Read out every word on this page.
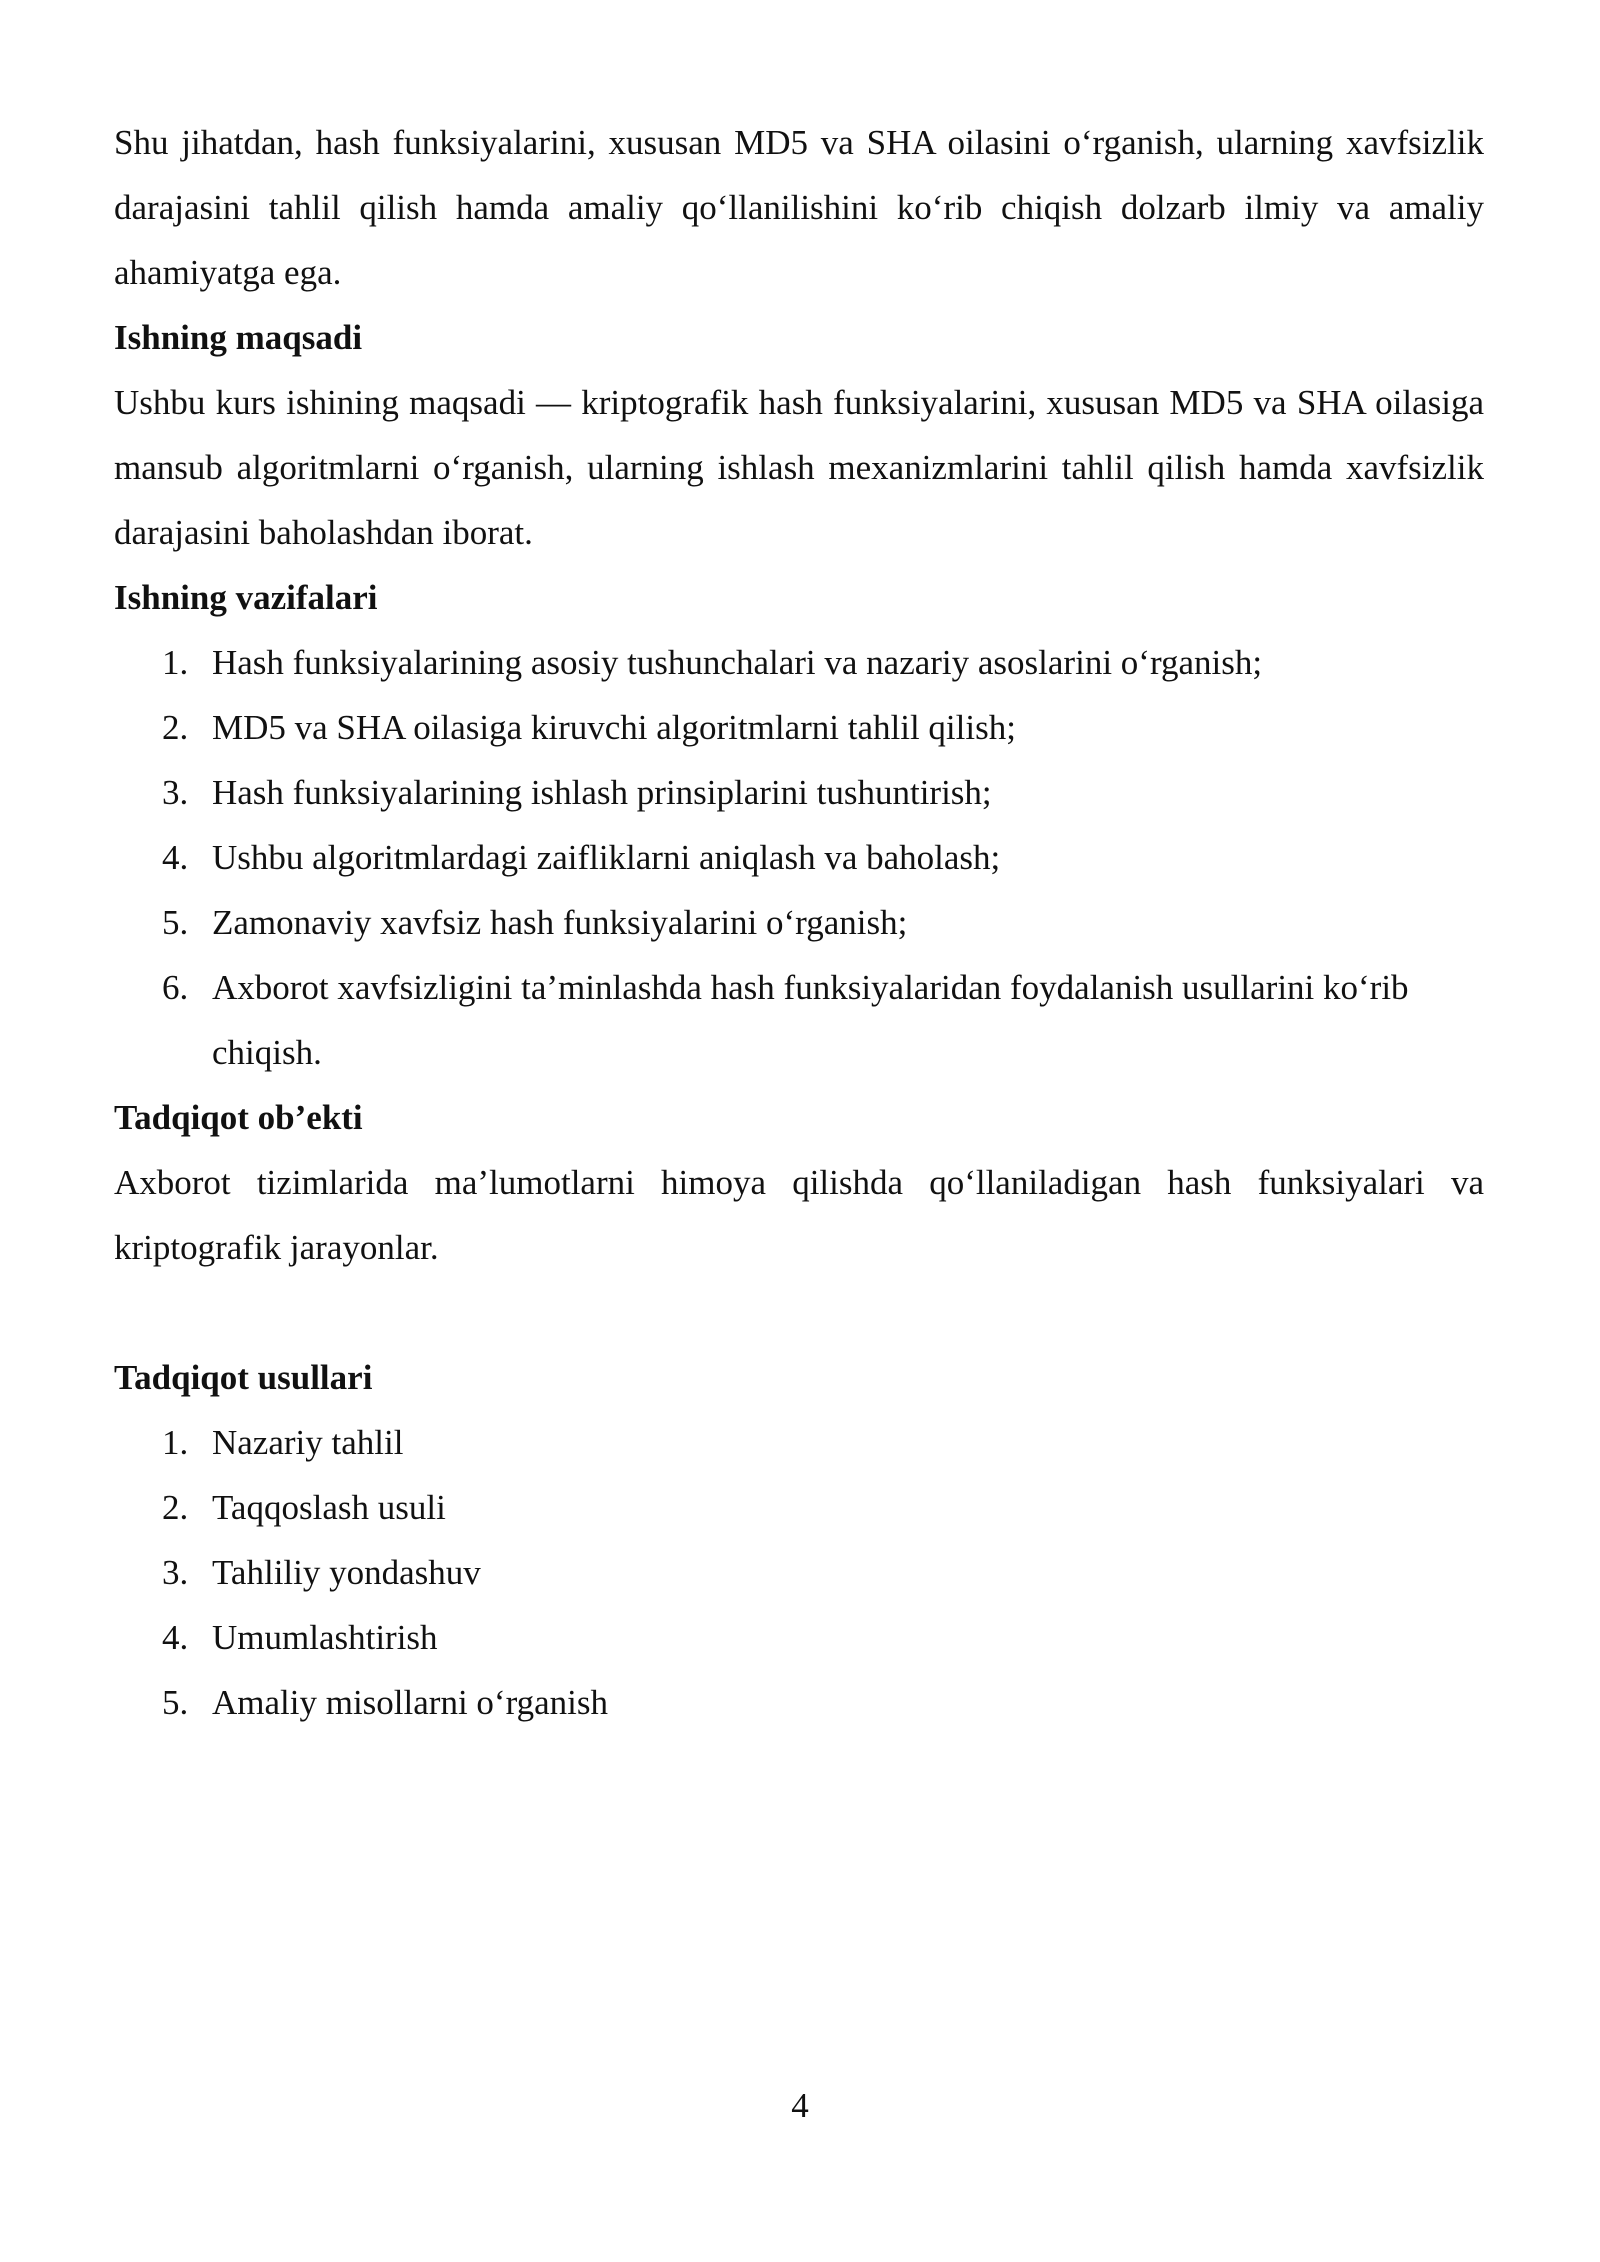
Shu jihatdan, hash funksiyalarini, xususan MD5 va SHA oilasini o‘rganish, ularning xavfsizlik darajasini tahlil qilish hamda amaliy qo‘llanilishini ko‘rib chiqish dolzarb ilmiy va amaliy ahamiyatga ega.

Ishning maqsadi

Ushbu kurs ishining maqsadi — kriptografik hash funksiyalarini, xususan MD5 va SHA oilasiga mansub algoritmlarni o‘rganish, ularning ishlash mexanizmlarini tahlil qilish hamda xavfsizlik darajasini baholashdan iborat.

Ishning vazifalari
1. Hash funksiyalarining asosiy tushunchalari va nazariy asoslarini o‘rganish;
2. MD5 va SHA oilasiga kiruvchi algoritmlarni tahlil qilish;
3. Hash funksiyalarining ishlash prinsiplarini tushuntirish;
4. Ushbu algoritmlardagi zaifliklarni aniqlash va baholash;
5. Zamonaviy xavfsiz hash funksiyalarini o‘rganish;
6. Axborot xavfsizligini ta’minlashda hash funksiyalaridan foydalanish usullarini ko‘rib chiqish.
Tadqiqot ob’ekti

Axborot tizimlarida ma’lumotlarni himoya qilishda qo‘llaniladigan hash funksiyalari va kriptografik jarayonlar.

Tadqiqot usullari
1. Nazariy tahlil
2. Taqqoslash usuli
3. Tahliliy yondashuv
4. Umumlashtirish
5. Amaliy misollarni o‘rganish
4
